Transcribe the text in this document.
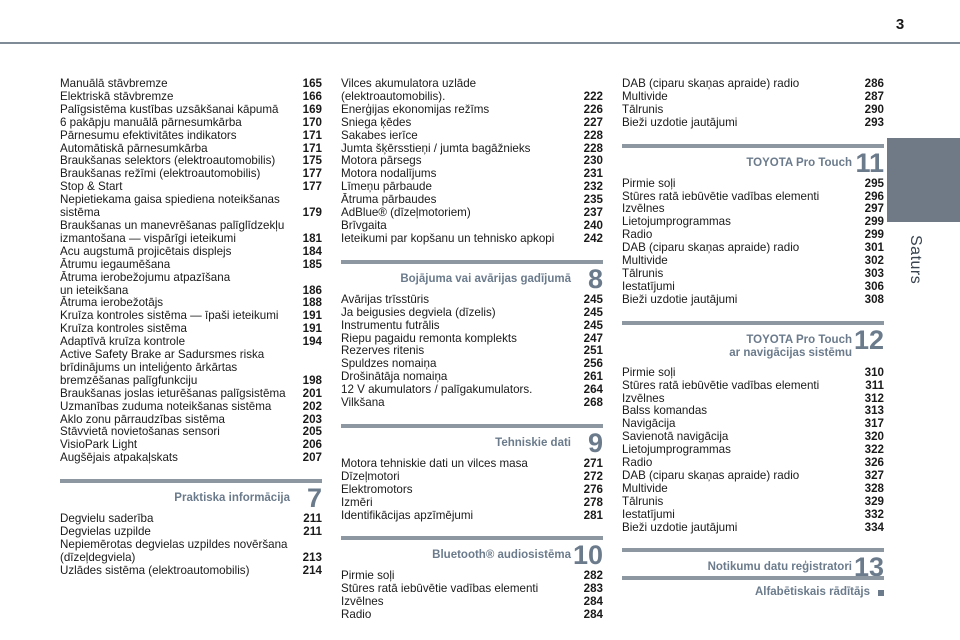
3
Saturs
Manuālā stāvbremze	165
Elektriskā stāvbremze	166
Palīgsistēma kustības uzsākšanai kāpumā	169
6 pakāpju manuālā pārnesumkārba	170
Pārnesumu efektivitātes indikators	171
Automātiskā pārnesumkārba	171
Braukšanas selektors (elektroautomobilis)	175
Braukšanas režīmi (elektroautomobilis)	177
Stop & Start	177
Nepietiekama gaisa spiediena noteikšanas
sistēma	179
Braukšanas un manevrēšanas palīglīdzekļu
izmantošana — vispārīgi ieteikumi	181
Acu augstumā projicētais displejs	184
Ātrumu iegaumēšana	185
Ātruma ierobežojumu atpazīšana
un ieteikšana	186
Ātruma ierobežotājs	188
Kruīza kontroles sistēma — īpaši ieteikumi	191
Kruīza kontroles sistēma	191
Adaptīvā kruīza kontrole	194
Active Safety Brake ar Sadursmes riska
brīdinājums un inteliģento ārkārtas
bremzēšanas palīgfunkciju	198
Braukšanas joslas ieturēšanas palīgsistēma	201
Uzmanības zuduma noteikšanas sistēma	202
Aklo zonu pārraudzības sistēma	203
Stāvvietā novietošanas sensori	205
VisioPark Light	206
Augšējais atpakaļskats	207
Praktiska informācija 7
Degvielu saderība	211
Degvielas uzpilde	211
Nepiemērotas degvielas uzpildes novēršana
(dīzeļdegviela)	213
Uzlādes sistēma (elektroautomobilis)	214
Vilces akumulatora uzlāde
(elektroautomobilis).	222
Enerģijas ekonomijas režīms	226
Sniega ķēdes	227
Sakabes ierīce	228
Jumta šķērsstieņi / jumta bagāžnieks	228
Motora pārsegs	230
Motora nodalījums	231
Līmeņu pārbaude	232
Ātruma pārbaudes	235
AdBlue® (dīzeļmotoriem)	237
Brīvgaita	240
Ieteikumi par kopšanu un tehnisko apkopi	242
Bojājuma vai avārijas gadījumā 8
Avārijas trīsstūris	245
Ja beigusies degviela (dīzelis)	245
Instrumentu futrālis	245
Riepu pagaidu remonta komplekts	247
Rezerves ritenis	251
Spuldzes nomaiņa	256
Drošinātāja nomaiņa	261
12 V akumulators / palīgakumulators.	264
Vilkšana	268
Tehniskie dati 9
Motora tehniskie dati un vilces masa	271
Dīzeļmotori	272
Elektromotors	276
Izmēri	278
Identifikācijas apzīmējumi	281
Bluetooth® audiosistēma 10
Pirmie soļi	282
Stūres ratā iebūvētie vadības elementi	283
Izvēlnes	284
Radio	284
DAB (ciparu skaņas apraide) radio	286
Multivide	287
Tālrunis	290
Bieži uzdotie jautājumi	293
TOYOTA Pro Touch 11
Pirmie soļi	295
Stūres ratā iebūvētie vadības elementi	296
Izvēlnes	297
Lietojumprogrammas	299
Radio	299
DAB (ciparu skaņas apraide) radio	301
Multivide	302
Tālrunis	303
Iestatījumi	306
Bieži uzdotie jautājumi	308
TOYOTA Pro Touch
ar navigācijas sistēmu 12
Pirmie soļi	310
Stūres ratā iebūvētie vadības elementi	311
Izvēlnes	312
Balss komandas	313
Navigācija	317
Savienotā navigācija	320
Lietojumprogrammas	322
Radio	326
DAB (ciparu skaņas apraide) radio	327
Multivide	328
Tālrunis	329
Iestatījumi	332
Bieži uzdotie jautājumi	334
Notikumu datu reģistratori 13
Alfabētiskais rādītājs
